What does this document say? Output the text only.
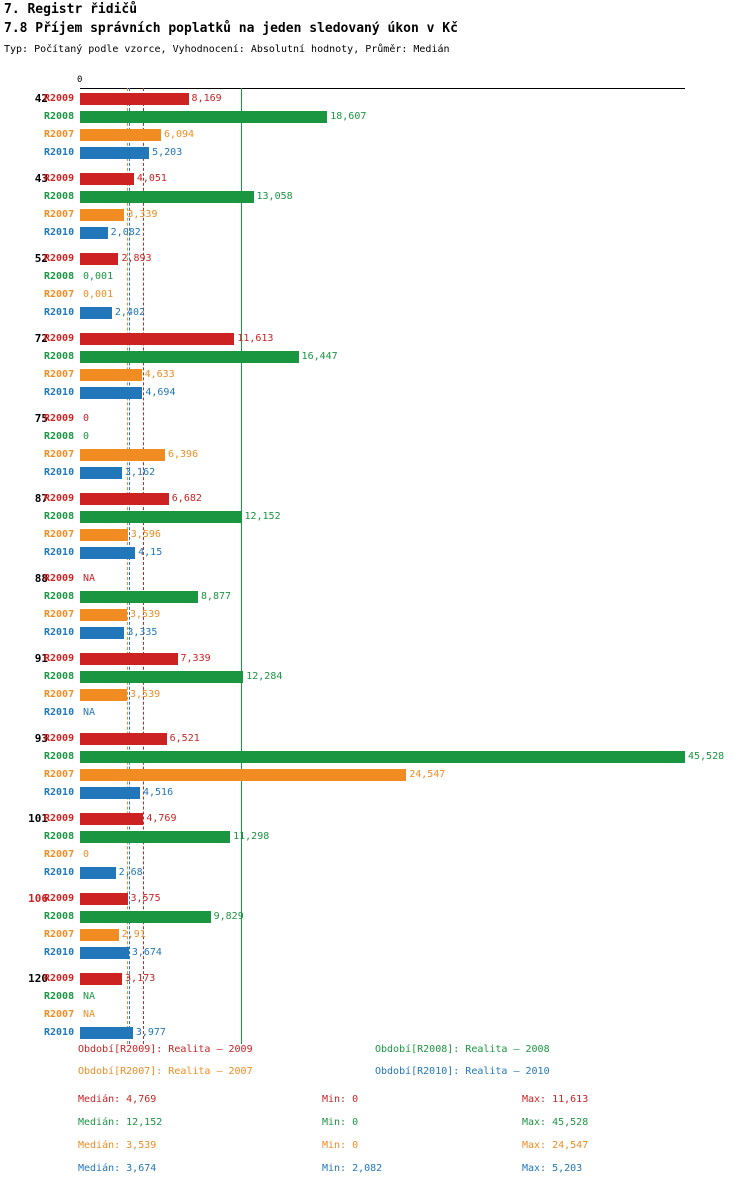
7. Registr řidičů
7.8 Příjem správních poplatků na jeden sledovaný úkon v Kč
Typ: Počítaný podle vzorce, Vyhodnocení: Absolutní hodnoty, Průměr: Medián
0
42
R2009	8,169
R2008	18,607
R2007	6,094
R2010	5,203
43
R2009	4,051
R2008	13,058
R2007	3,339
R2010	2,082
52
R2009	2,893
R2008 0,001
R2007 0,001
R2010	2,402
72
R2009	11,613
R2008	16,447
R2007	4,633
R2010	4,694
75
R2009 0
R2008 0
R2007	6,396
R2010	3,162
87
R2009	6,682
R2008	12,152
R2007	3,596
R2010	4,15
88
R2009 NA
R2008	8,877
R2007	3,539
R2010	3,335
91
R2009	7,339
R2008	12,284
R2007	3,539
R2010 NA
93
R2009	6,521
R2008	45,528
R2007	24,547
R2010	4,516
101
R2009	4,769
R2008	11,298
R2007 0
R2010	2,68
106
R2009	3,575
R2008	9,829
R2007	2,91
R2010	3,674
120
R2009	3,173
R2008 NA
R2007 NA
R2010	3,977
Období[R2009]: Realita – 2009	Období[R2008]: Realita – 2008
Období[R2007]: Realita – 2007	Období[R2010]: Realita – 2010
Medián: 4,769	Min: 0	Max: 11,613
Medián: 12,152	Min: 0	Max: 45,528
Medián: 3,539	Min: 0	Max: 24,547
Medián: 3,674	Min: 2,082	Max: 5,203
